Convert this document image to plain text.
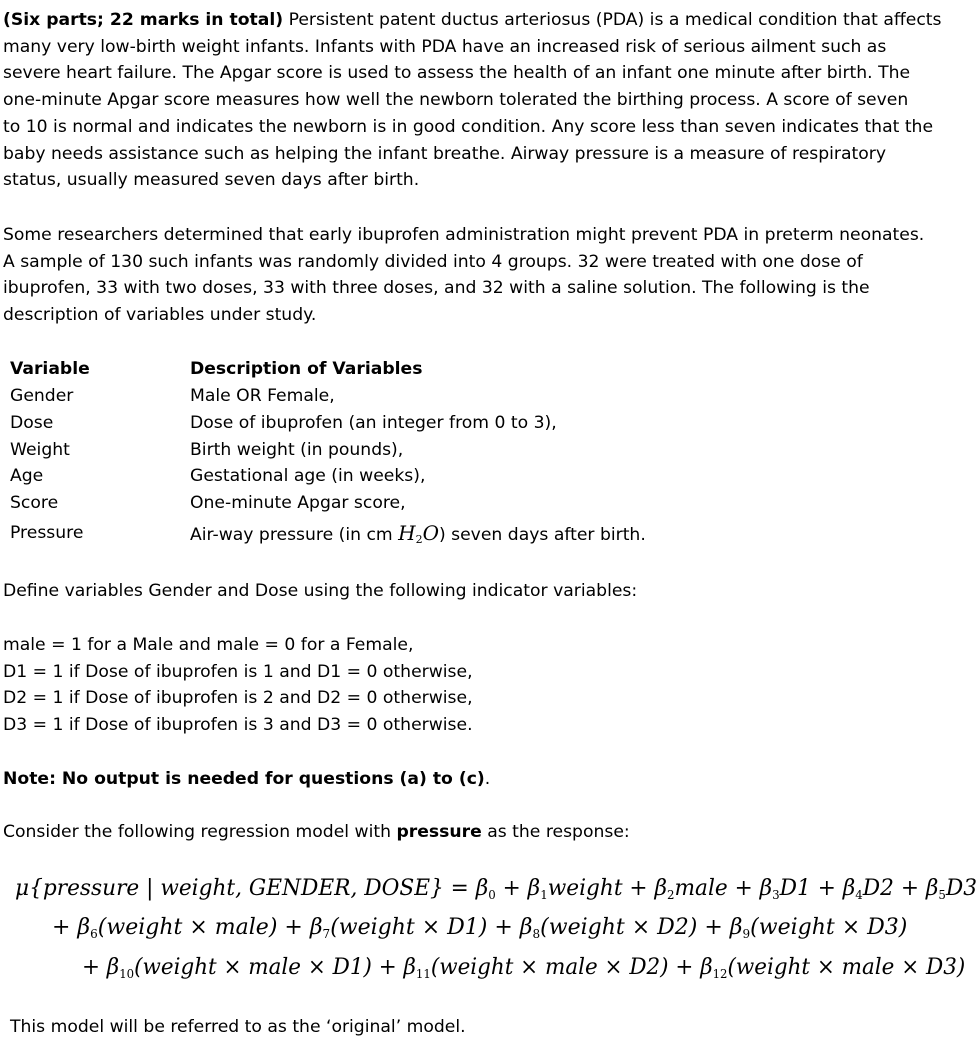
(Six parts; 22 marks in total) Persistent patent ductus arteriosus (PDA) is a medical condition that affects
many very low-birth weight infants. Infants with PDA have an increased risk of serious ailment such as
severe heart failure. The Apgar score is used to assess the health of an infant one minute after birth. The
one-minute Apgar score measures how well the newborn tolerated the birthing process. A score of seven
to 10 is normal and indicates the newborn is in good condition. Any score less than seven indicates that the
baby needs assistance such as helping the infant breathe. Airway pressure is a measure of respiratory
status, usually measured seven days after birth.
Some researchers determined that early ibuprofen administration might prevent PDA in preterm neonates.
A sample of 130 such infants was randomly divided into 4 groups. 32 were treated with one dose of
ibuprofen, 33 with two doses, 33 with three doses, and 32 with a saline solution. The following is the
description of variables under study.
Variable	Description of Variables
Gender	Male OR Female,
Dose	Dose of ibuprofen (an integer from 0 to 3),
Weight	Birth weight (in pounds),
Age	Gestational age (in weeks),
Score	One-minute Apgar score,
Pressure	Air-way pressure (in cm $H_2O$) seven days after birth.
Define variables Gender and Dose using the following indicator variables:
male = 1 for a Male and male = 0 for a Female,
D1 = 1 if Dose of ibuprofen is 1 and D1 = 0 otherwise,
D2 = 1 if Dose of ibuprofen is 2 and D2 = 0 otherwise,
D3 = 1 if Dose of ibuprofen is 3 and D3 = 0 otherwise.
Note: No output is needed for questions (a) to (c).
Consider the following regression model with pressure as the response:
μ{pressure | weight, GENDER, DOSE} = $\beta_0$ + $\beta_1weight$ + $\beta_2male + \beta_3D1 + \beta_4D2 + \beta_5D3$
+ $\beta_6(weight$ × male) + $\beta_7(weight \times D1)$ + $\beta_8(weight \times D2)$ + $\beta_9(weight \times D3)$
+ $\beta_{10}(weight$ × male × $D1) + \beta_{11}(weight$ × male × $D2) + \beta_{12}(weight$ × male × D3)
This model will be referred to as the ‘original’ model.
